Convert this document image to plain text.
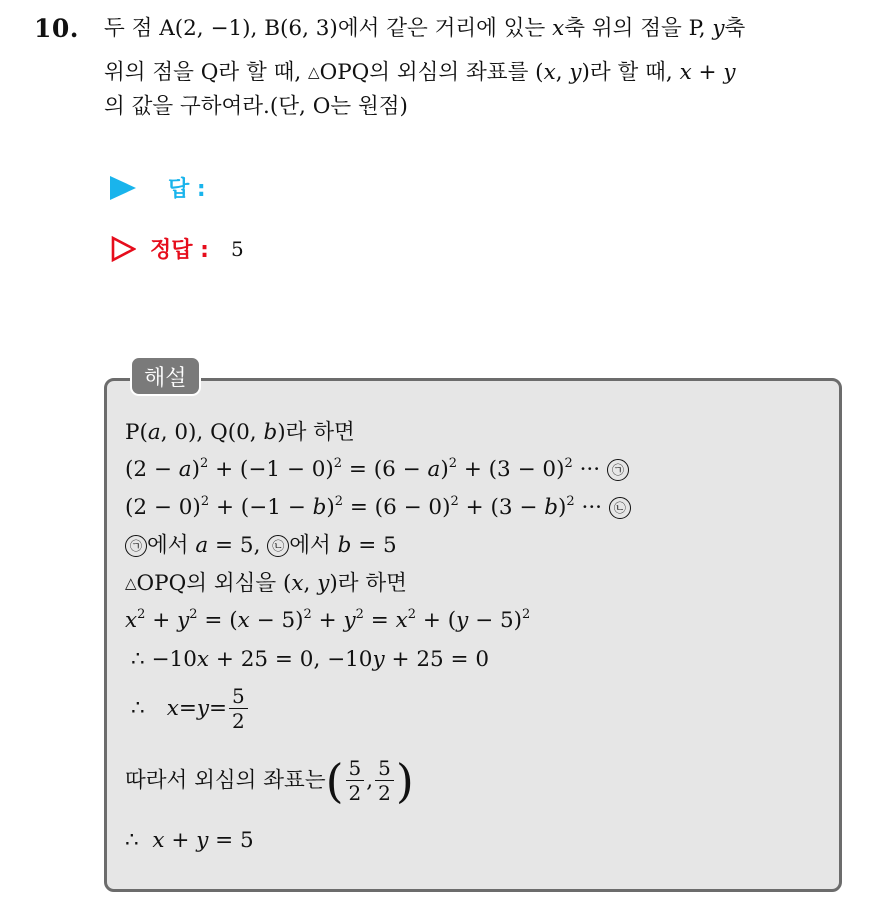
10. 두 점 A(2, −1), B(6, 3)에서 같은 거리에 있는 x축 위의 점을 P, y축
위의 점을 Q라 할 때, △OPQ의 외심의 좌표를 (x, y)라 할 때, x + y
의 값을 구하여라.(단, O는 원점)
답 :
정답 : 5
해설
P(a, 0), Q(0, b)라 하면
$(2 - a)^2 + (-1 - 0)^2 = (6 - a)^2 + (3 - 0)^2$ ··· ㉠
$(2 - 0)^2 + (-1 - b)^2 = (6 - 0)^2 + (3 - b)^2$ ··· ㉡
㉠ 에서 a = 5, ㉡ 에서 b = 5
△OPQ의 외심을 (x, y)라 하면
$x^2 + y^2 = (x - 5)^2 + y^2 = x^2 + (y - 5)^2$
∴ −10x + 25 = 0, −10y + 25 = 0
∴ $x = y = \frac{5}{2}$
따라서 외심의 좌표는 ( $\frac{5}{2}$ , $\frac{5}{2}$ )
∴ x + y = 5
